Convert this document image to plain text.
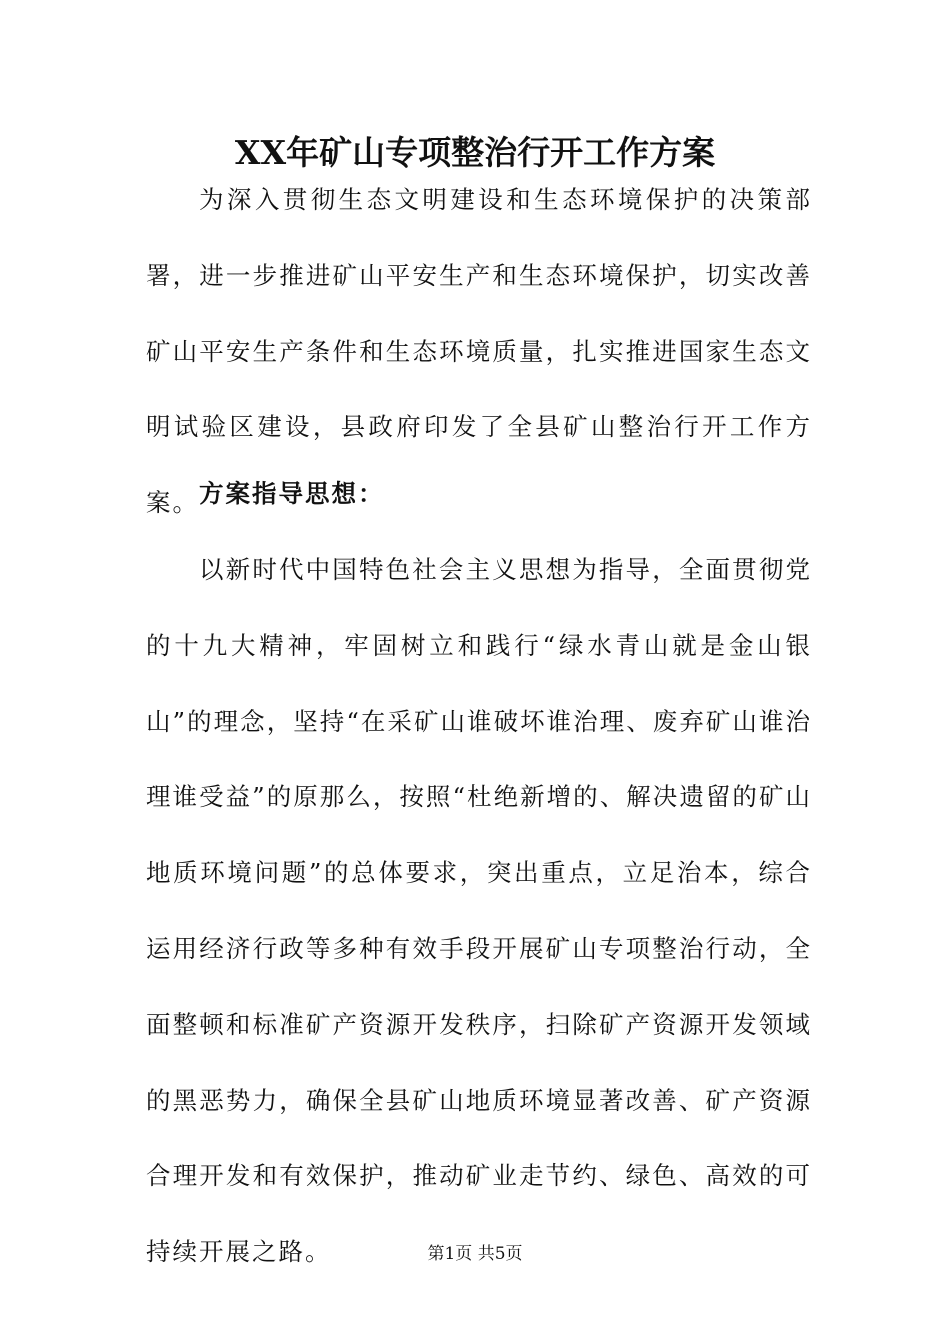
XX年矿山专项整治行开工作方案

为深入贯彻生态文明建设和生态环境保护的决策部署，进一步推进矿山平安生产和生态环境保护，切实改善矿山平安生产条件和生态环境质量，扎实推进国家生态文明试验区建设，县政府印发了全县矿山整治行开工作方案。 方案指导思想：

以新时代中国特色社会主义思想为指导，全面贯彻党的十九大精神，牢固树立和践行“绿水青山就是金山银山”的理念，坚持“在采矿山谁破坏谁治理、废弃矿山谁治理谁受益”的原那么，按照“杜绝新增的、解决遗留的矿山地质环境问题”的总体要求，突出重点，立足治本，综合运用经济行政等多种有效手段开展矿山专项整治行动，全面整顿和标准矿产资源开发秩序，扫除矿产资源开发领域的黑恶势力，确保全县矿山地质环境显著改善、矿产资源合理开发和有效保护，推动矿业走节约、绿色、高效的可持续开展之路。	第1页 共5页
